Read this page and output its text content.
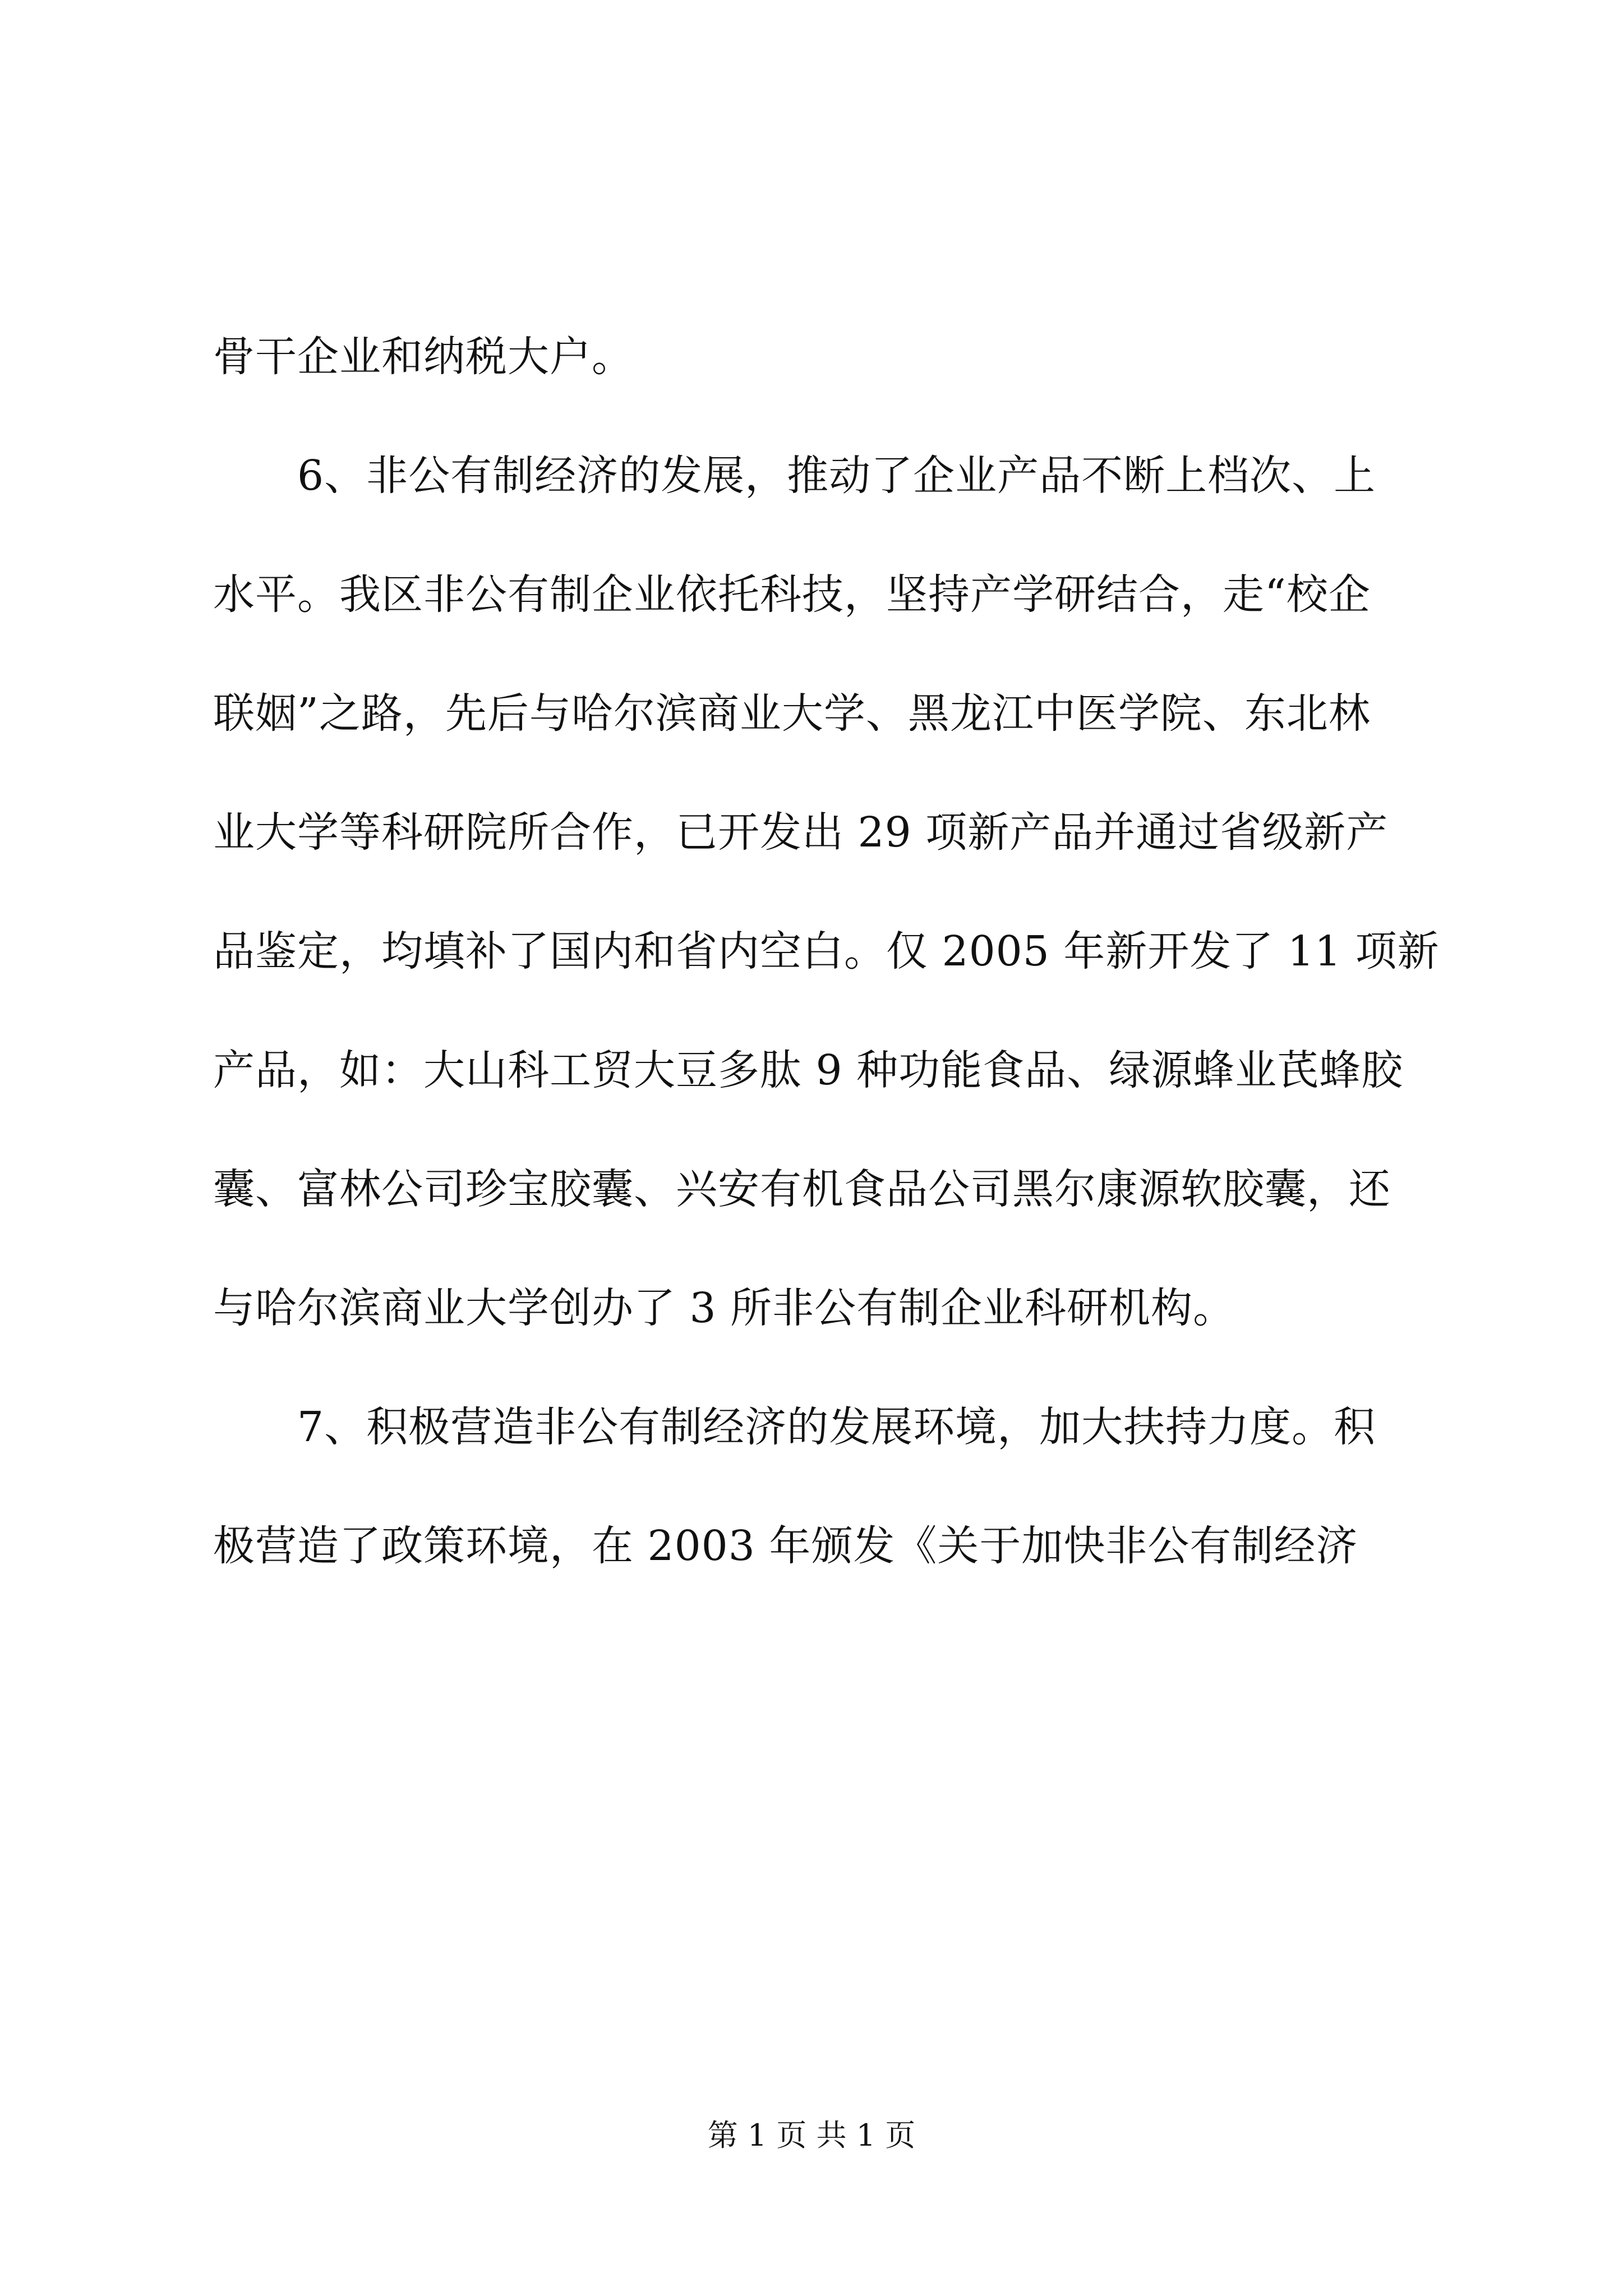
骨干企业和纳税大户。
　　6、非公有制经济的发展，推动了企业产品不断上档次、上
水平。我区非公有制企业依托科技，坚持产学研结合，走“校企
联姻”之路，先后与哈尔滨商业大学、黑龙江中医学院、东北林
业大学等科研院所合作，已开发出 29 项新产品并通过省级新产
品鉴定，均填补了国内和省内空白。仅 2005 年新开发了 11 项新
产品，如：大山科工贸大豆多肽 9 种功能食品、绿源蜂业芪蜂胶
囊、富林公司珍宝胶囊、兴安有机食品公司黑尔康源软胶囊，还
与哈尔滨商业大学创办了 3 所非公有制企业科研机构。
　　7、积极营造非公有制经济的发展环境，加大扶持力度。积
极营造了政策环境，在 2003 年颁发《关于加快非公有制经济
第 1 页 共 1 页
